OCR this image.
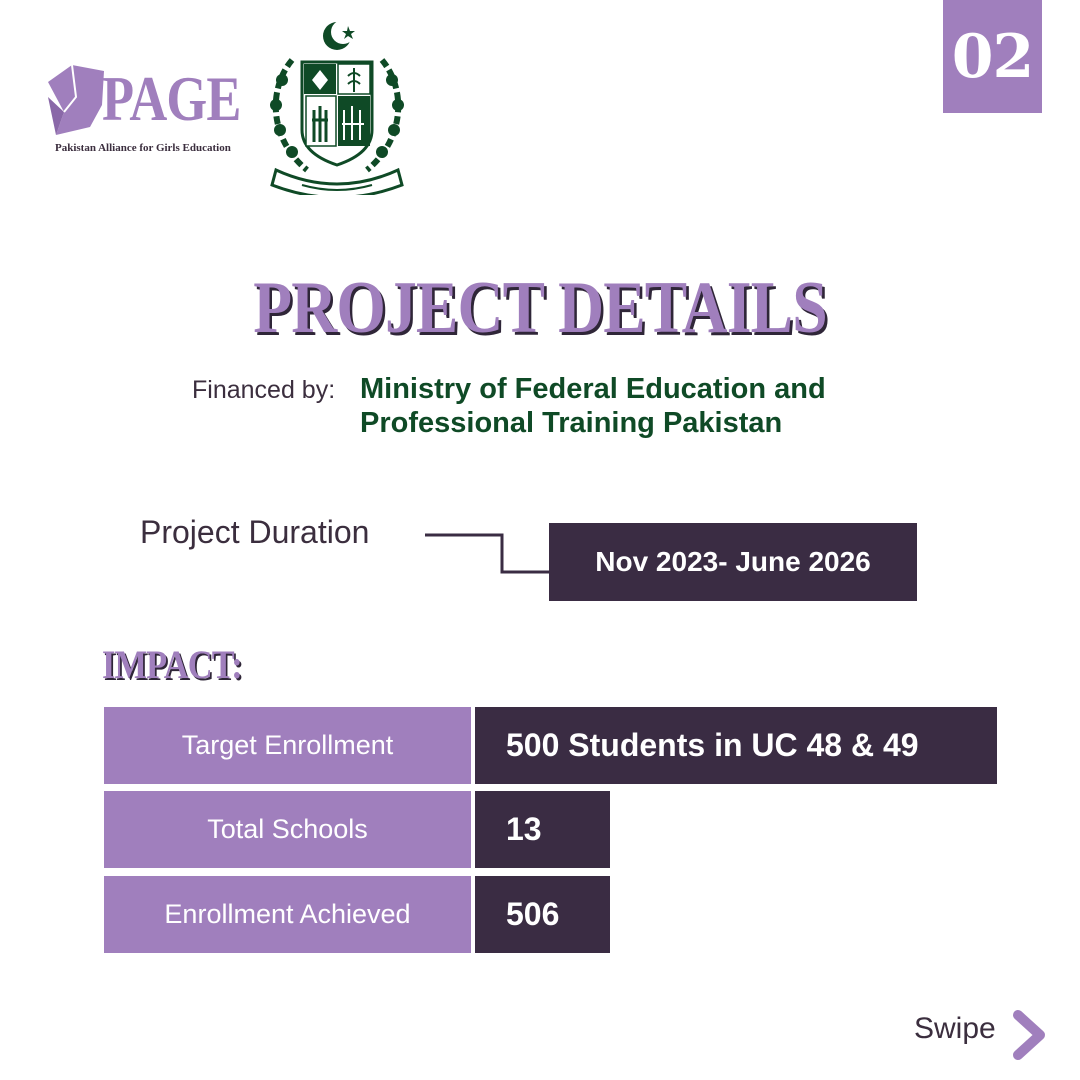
02
PAGE
Pakistan Alliance for Girls Education
PROJECT DETAILS
Financed by: Ministry of Federal Education and Professional Training Pakistan
Project Duration
Nov 2023- June 2026
IMPACT:
Target Enrollment	500 Students in UC 48 & 49
Total Schools	13
Enrollment Achieved	506
Swipe
